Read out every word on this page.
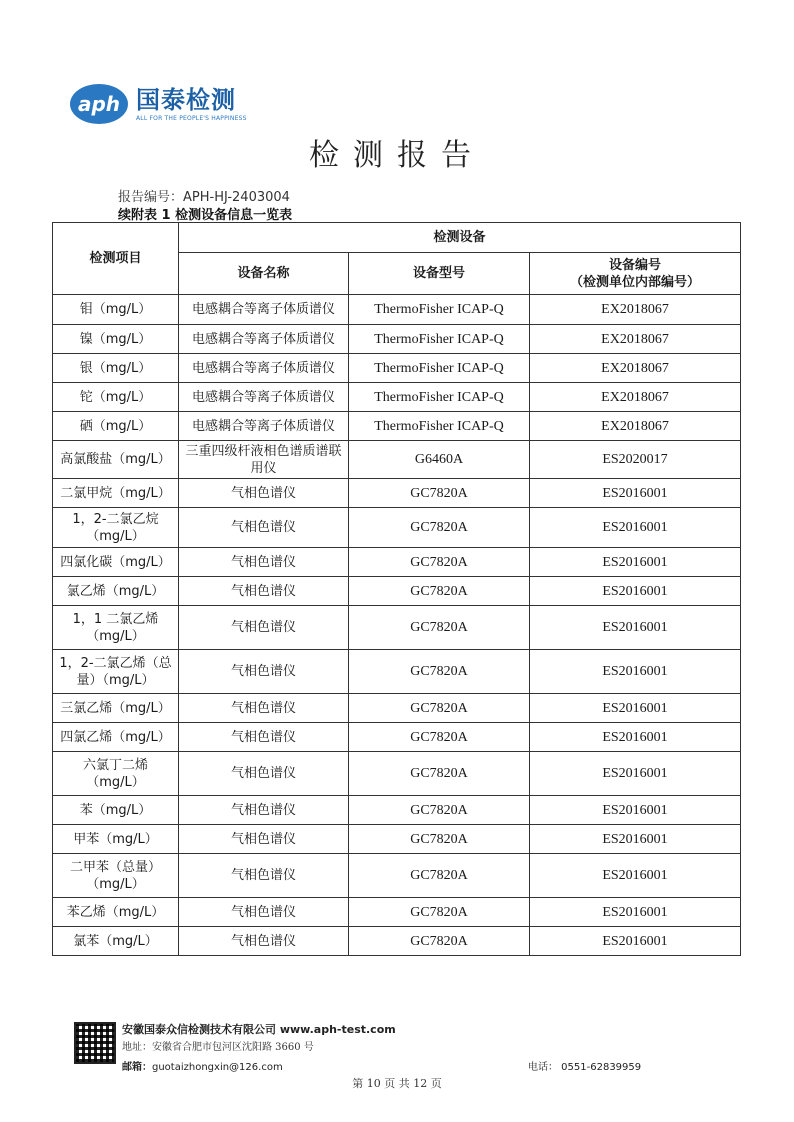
aph 国泰检测
ALL FOR THE PEOPLE'S HAPPINESS
检测报告
报告编号：APH-HJ-2403004
续附表 1 检测设备信息一览表
检测项目	检测设备		
	设备名称	设备型号	设备编号
（检测单位内部编号）

钼（mg/L）	电感耦合等离子体质谱仪	ThermoFisher ICAP-Q	EX2018067
镍（mg/L）	电感耦合等离子体质谱仪	ThermoFisher ICAP-Q	EX2018067
银（mg/L）	电感耦合等离子体质谱仪	ThermoFisher ICAP-Q	EX2018067
铊（mg/L）	电感耦合等离子体质谱仪	ThermoFisher ICAP-Q	EX2018067
硒（mg/L）	电感耦合等离子体质谱仪	ThermoFisher ICAP-Q	EX2018067
高氯酸盐（mg/L）	三重四级杆液相色谱质谱联用仪	G6460A	ES2020017
二氯甲烷（mg/L）	气相色谱仪	GC7820A	ES2016001
1，2-二氯乙烷（mg/L）	气相色谱仪	GC7820A	ES2016001
四氯化碳（mg/L）	气相色谱仪	GC7820A	ES2016001
氯乙烯（mg/L）	气相色谱仪	GC7820A	ES2016001
1，1 二氯乙烯（mg/L）	气相色谱仪	GC7820A	ES2016001
1，2-二氯乙烯（总量）（mg/L）	气相色谱仪	GC7820A	ES2016001
三氯乙烯（mg/L）	气相色谱仪	GC7820A	ES2016001
四氯乙烯（mg/L）	气相色谱仪	GC7820A	ES2016001
六氯丁二烯（mg/L）	气相色谱仪	GC7820A	ES2016001
苯（mg/L）	气相色谱仪	GC7820A	ES2016001
甲苯（mg/L）	气相色谱仪	GC7820A	ES2016001
二甲苯（总量）（mg/L）	气相色谱仪	GC7820A	ES2016001
苯乙烯（mg/L）	气相色谱仪	GC7820A	ES2016001
氯苯（mg/L）	气相色谱仪	GC7820A	ES2016001
安徽国泰众信检测技术有限公司 www.aph-test.com
地址：安徽省合肥市包河区沈阳路 3660 号
邮箱：guotaizhongxin@126.com	电话： 0551-62839959
第 10 页 共 12 页
